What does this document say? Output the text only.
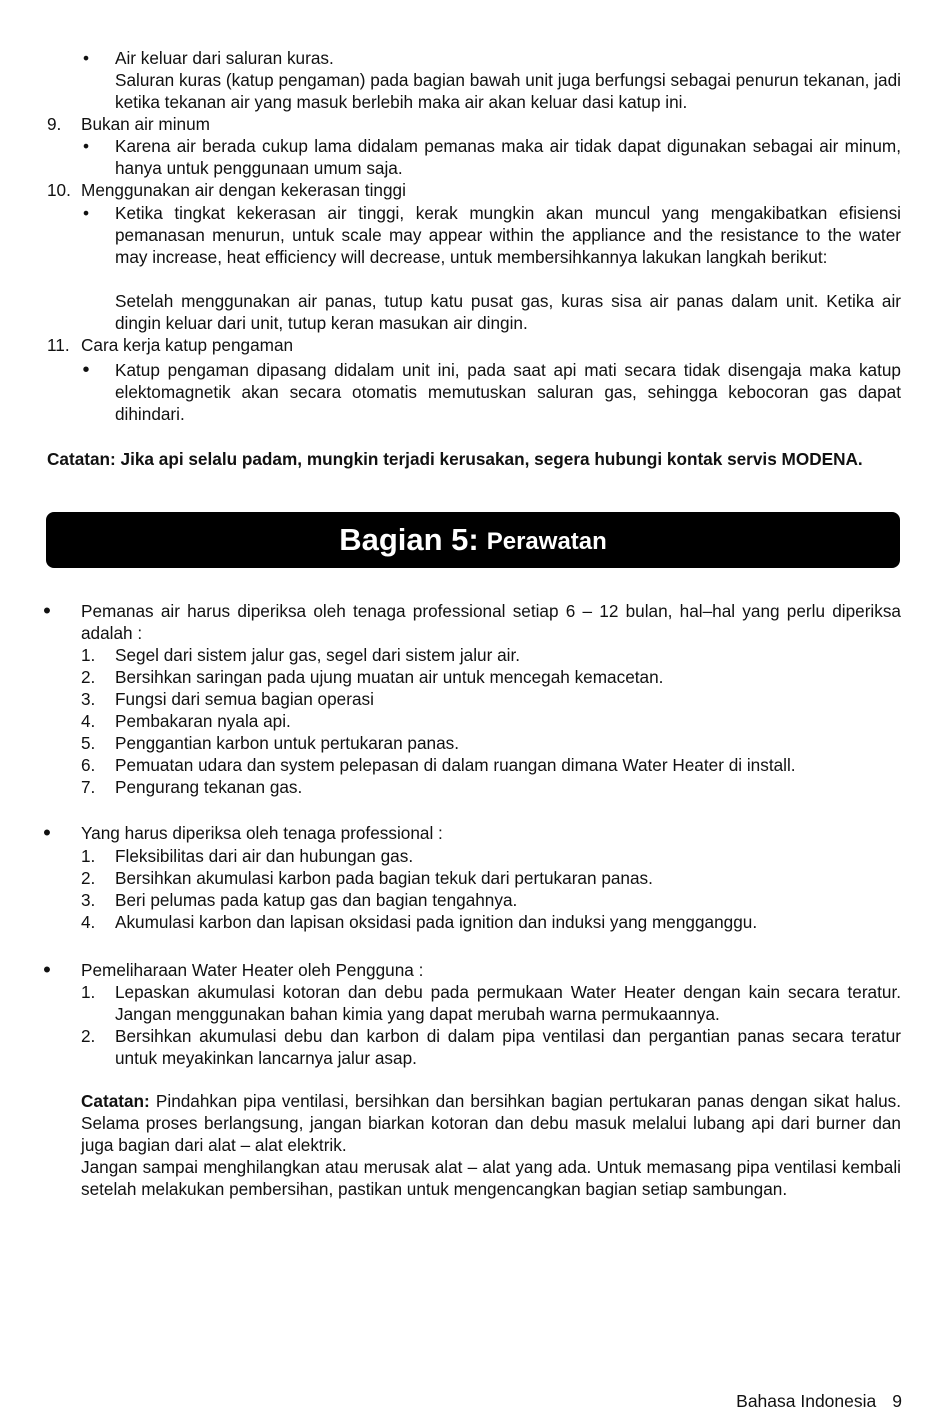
•	Air keluar dari saluran kuras.
Saluran kuras (katup pengaman) pada bagian bawah unit juga berfungsi sebagai penurun tekanan, jadi ketika tekanan air yang masuk berlebih maka air akan keluar dasi katup ini.
9.	Bukan air minum
•	Karena air berada cukup lama didalam pemanas maka air tidak dapat digunakan sebagai air minum, hanya untuk penggunaan umum saja.
10. Menggunakan air dengan kekerasan tinggi
•	Ketika tingkat kekerasan air tinggi, kerak mungkin akan muncul yang mengakibatkan efisiensi pemanasan menurun, untuk scale may appear within the appliance and the resistance to the water may increase, heat efficiency will decrease, untuk membersihkannya lakukan langkah berikut:
Setelah menggunakan air panas, tutup katu pusat gas, kuras sisa air panas dalam unit. Ketika air dingin keluar dari unit, tutup keran masukan air dingin.
11. Cara kerja katup pengaman
•	Katup pengaman dipasang didalam unit ini, pada saat api mati secara tidak disengaja maka katup elektomagnetik akan secara otomatis memutuskan saluran gas, sehingga kebocoran gas dapat dihindari.
Catatan: Jika api selalu padam, mungkin terjadi kerusakan, segera hubungi kontak servis MODENA.
Bagian 5: Perawatan
•	Pemanas air harus diperiksa oleh tenaga professional setiap 6 – 12 bulan, hal–hal yang perlu diperiksa adalah :
1.	Segel dari sistem jalur gas, segel dari sistem jalur air.
2.	Bersihkan saringan pada ujung muatan air untuk mencegah kemacetan.
3.	Fungsi dari semua bagian operasi
4.	Pembakaran nyala api.
5.	Penggantian karbon untuk pertukaran panas.
6.	Pemuatan udara dan system pelepasan di dalam ruangan dimana Water Heater di install.
7.	Pengurang tekanan gas.
•	Yang harus diperiksa oleh tenaga professional :
1.	Fleksibilitas dari air dan hubungan gas.
2.	Bersihkan akumulasi karbon pada bagian tekuk dari pertukaran panas.
3.	Beri pelumas pada katup gas dan bagian tengahnya.
4.	Akumulasi karbon dan lapisan oksidasi pada ignition dan induksi yang mengganggu.
•	Pemeliharaan Water Heater oleh Pengguna :
1.	Lepaskan akumulasi kotoran dan debu pada permukaan Water Heater dengan kain secara teratur. Jangan menggunakan bahan kimia yang dapat merubah warna permukaannya.
2.	Bersihkan akumulasi debu dan karbon di dalam pipa ventilasi dan pergantian panas secara teratur untuk meyakinkan lancarnya jalur asap.
Catatan: Pindahkan pipa ventilasi, bersihkan dan bersihkan bagian pertukaran panas dengan sikat halus. Selama proses berlangsung, jangan biarkan kotoran dan debu masuk melalui lubang api dari burner dan juga bagian dari alat – alat elektrik.
Jangan sampai menghilangkan atau merusak alat – alat yang ada. Untuk memasang pipa ventilasi kembali setelah melakukan pembersihan, pastikan untuk mengencangkan bagian setiap sambungan.
Bahasa Indonesia 9
